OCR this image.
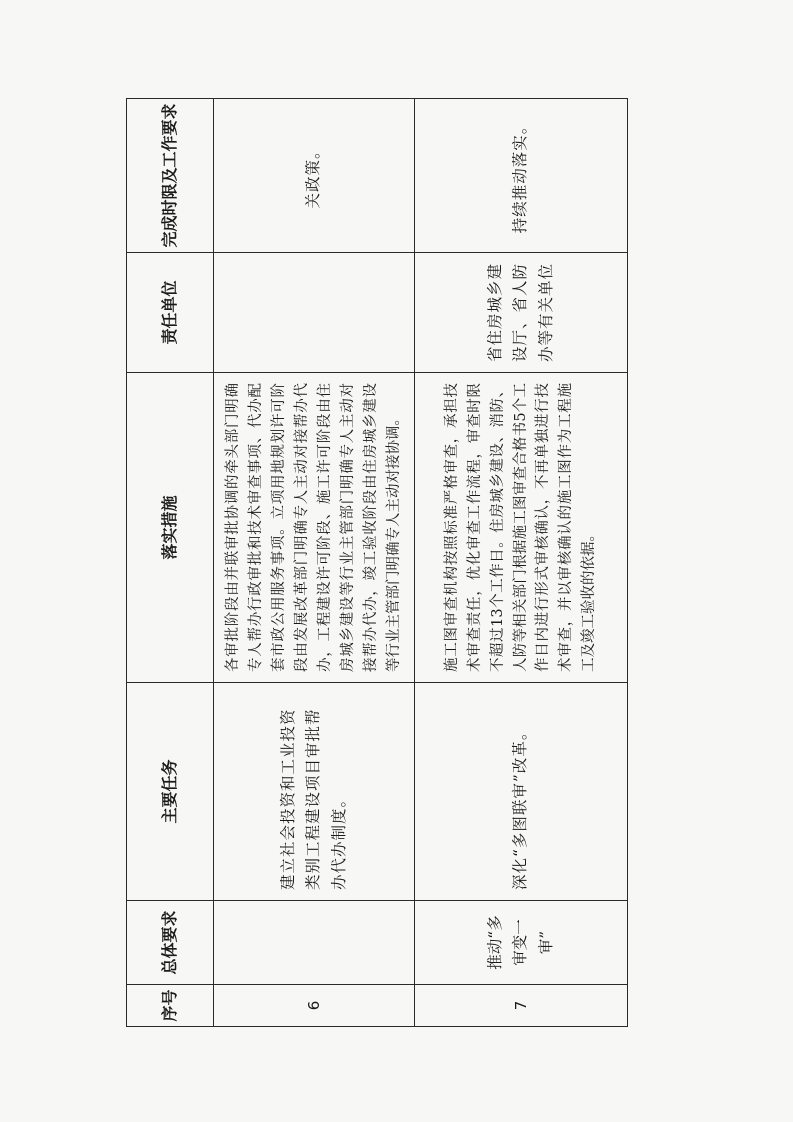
序号	总体要求	主要任务	落实措施	责任单位	完成时限及工作要求
6		建立社会投资和工业投资类别工程建设项目审批帮办代办制度。	各审批阶段由并联审批协调的牵头部门明确专人帮办行政审批和技术审查事项、代办配套市政公用服务事项。立项用地规划许可阶段由发展改革部门明确专人主动对接帮办代办，工程建设许可阶段、施工许可阶段由住房城乡建设等行业主管部门明确专人主动对接帮办代办，竣工验收阶段由住房城乡建设等行业主管部门明确专人主动对接协调。		关政策。
7	推动“多审变一审”	深化“多图联审”改革。	施工图审查机构按照标准严格审查，承担技术审查责任，优化审查工作流程，审查时限不超过13个工作日。住房城乡建设、消防、人防等相关部门根据施工图审查合格书5个工作日内进行形式审核确认，不再单独进行技术审查，并以审核确认的施工图作为工程施工及竣工验收的依据。	省住房城乡建设厅、省人防办等有关单位	持续推动落实。
